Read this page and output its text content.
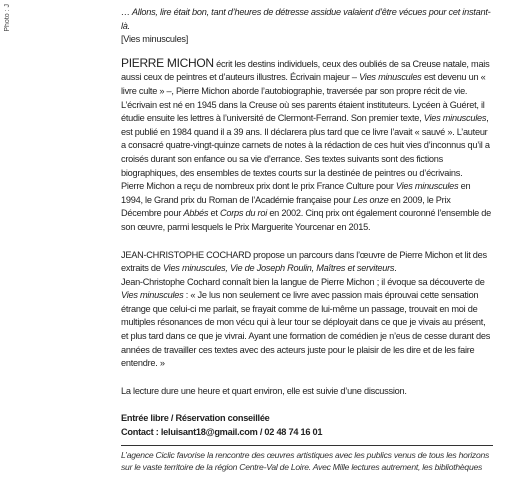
Photo : J	… Allons, lire était bon, tant d’heures de détresse assidue valaient d’être vécues pour cet instant-là.

[Vies minuscules]

PIERRE MICHON écrit les destins individuels, ceux des oubliés de sa Creuse natale, mais aussi ceux de peintres et d’auteurs illustres. Écrivain majeur – Vies minuscules est devenu un « livre culte » –, Pierre Michon aborde l’autobiographie, traversée par son propre récit de vie.

L’écrivain est né en 1945 dans la Creuse où ses parents étaient instituteurs. Lycéen à Guéret, il étudie ensuite les lettres à l’université de Clermont-Ferrand. Son premier texte, Vies minuscules, est publié en 1984 quand il a 39 ans. Il déclarera plus tard que ce livre l’avait « sauvé ». L’auteur a consacré quatre-vingt-quinze carnets de notes à la rédaction de ces huit vies d’inconnus qu’il a croisés durant son enfance ou sa vie d’errance. Ses textes suivants sont des fictions biographiques, des ensembles de textes courts sur la destinée de peintres ou d’écrivains.

Pierre Michon a reçu de nombreux prix dont le prix France Culture pour Vies minuscules en 1994, le Grand prix du Roman de l’Académie française pour Les onze en 2009, le Prix Décembre pour Abbés et Corps du roi en 2002. Cinq prix ont également couronné l’ensemble de son œuvre, parmi lesquels le Prix Marguerite Yourcenar en 2015.

JEAN-CHRISTOPHE COCHARD propose un parcours dans l’œuvre de Pierre Michon et lit des extraits de Vies minuscules, Vie de Joseph Roulin, Maîtres et serviteurs.

Jean-Christophe Cochard connaît bien la langue de Pierre Michon ; il évoque sa découverte de Vies minuscules : « Je lus non seulement ce livre avec passion mais éprouvai cette sensation étrange que celui-ci me parlait, se frayait comme de lui-même un passage, trouvait en moi de multiples résonances de mon vécu qui à leur tour se déployait dans ce que je vivais au présent, et plus tard dans ce que je vivrai. Ayant une formation de comédien je n’eus de cesse durant des années de travailler ces textes avec des acteurs juste pour le plaisir de les dire et de les faire entendre. »

La lecture dure une heure et quart environ, elle est suivie d’une discussion.

Entrée libre / Réservation conseillée

Contact : leluisant18@gmail.com / 02 48 74 16 01

L’agence Ciclic favorise la rencontre des œuvres artistiques avec les publics venus de tous les horizons

sur le vaste territoire de la région Centre-Val de Loire. Avec Mille lectures autrement, les bibliothèques
